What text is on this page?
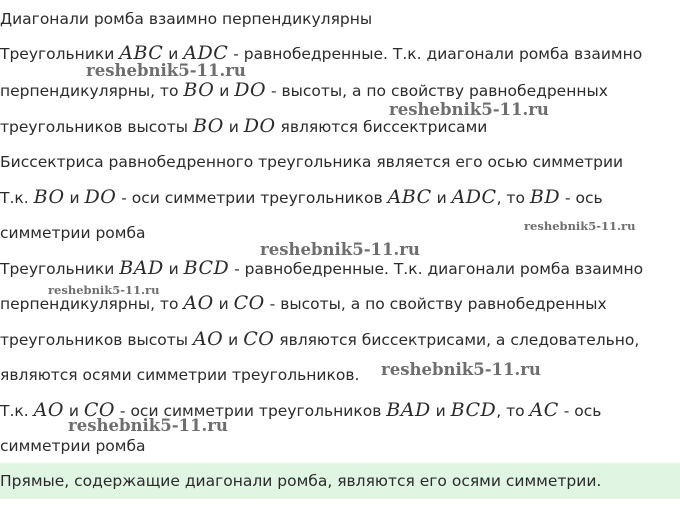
Диагонали ромба взаимно перпендикулярны
Треугольники ABC и ADC - равнобедренные. Т.к. диагонали ромба взаимно
перпендикулярны, то BO и DO - высоты, а по свойству равнобедренных
треугольников высоты BO и DO являются биссектрисами
Биссектриса равнобедренного треугольника является его осью симметрии
Т.к. BO и DO - оси симметрии треугольников ABC и ADC, то BD - ось
симметрии ромба
Треугольники BAD и BCD - равнобедренные. Т.к. диагонали ромба взаимно
перпендикулярны, то AO и CO - высоты, а по свойству равнобедренных
треугольников высоты AO и CO являются биссектрисами, а следовательно,
являются осями симметрии треугольников.
Т.к. AO и CO - оси симметрии треугольников BAD и BCD, то AC - ось
симметрии ромба
Прямые, содержащие диагонали ромба, являются его осями симметрии.
reshebnik5-11.ru
reshebnik5-11.ru
reshebnik5-11.ru
reshebnik5-11.ru
reshebnik5-11.ru
reshebnik5-11.ru
reshebnik5-11.ru
